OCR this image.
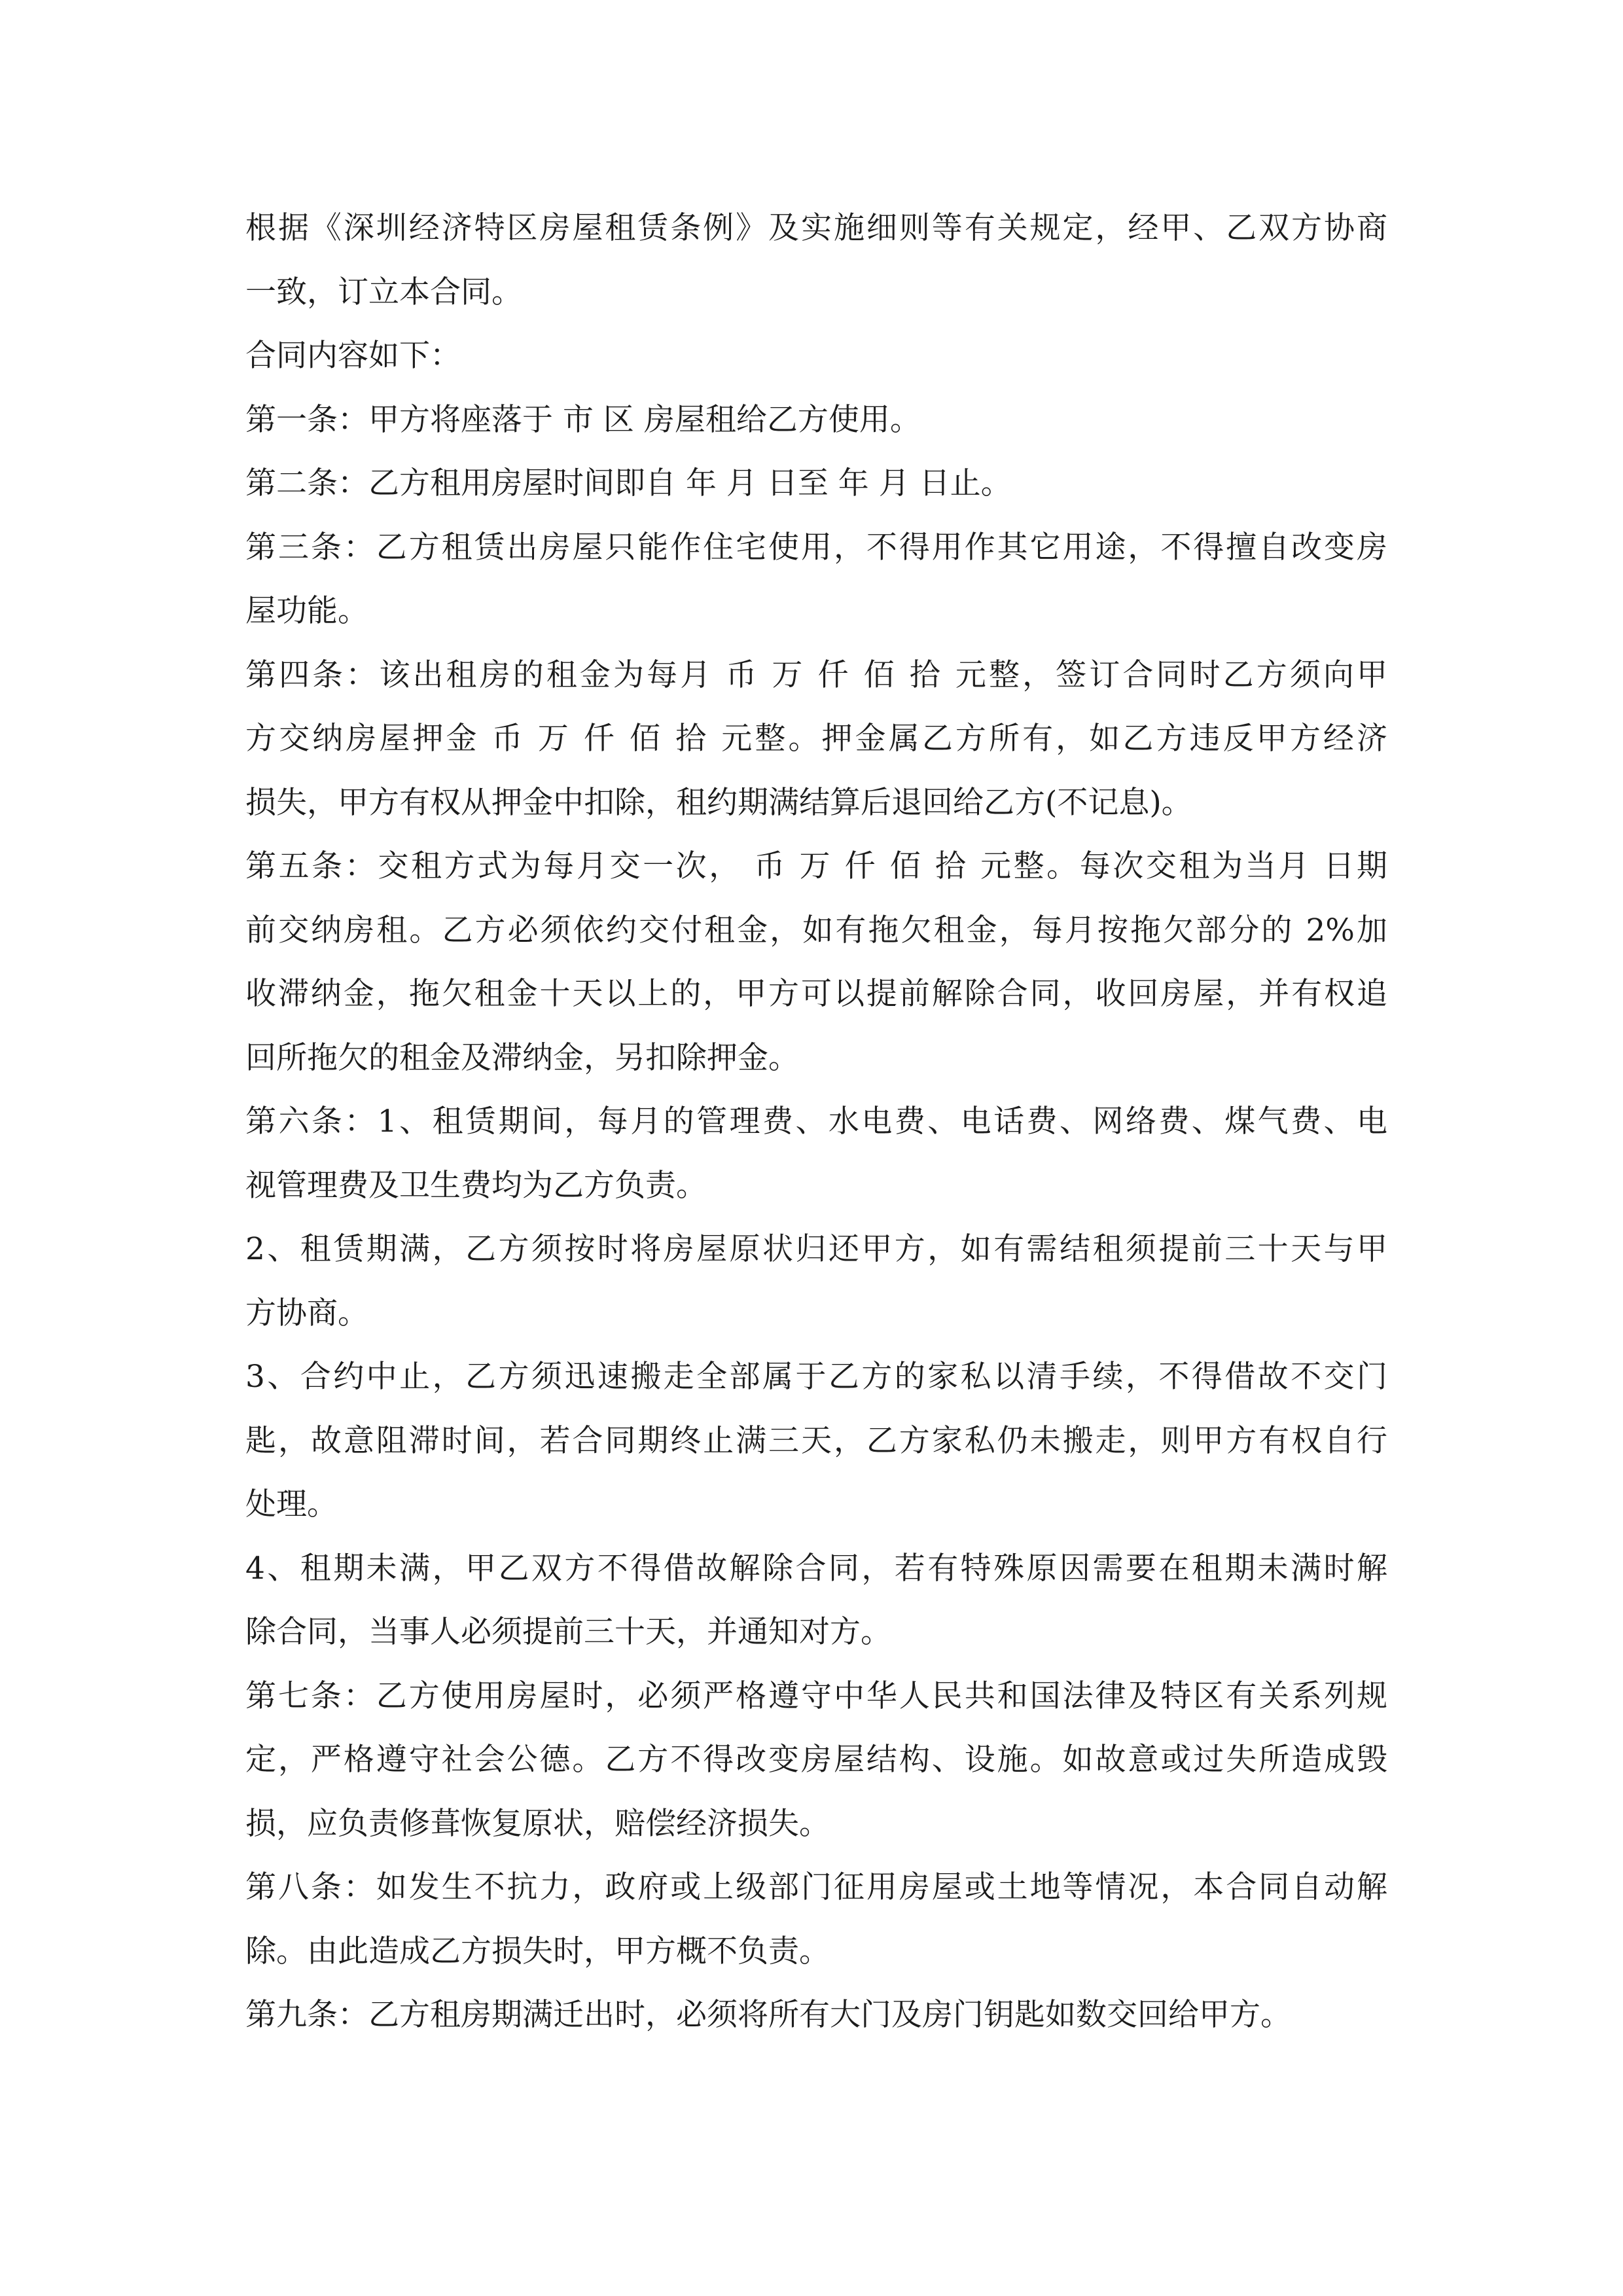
根据《深圳经济特区房屋租赁条例》及实施细则等有关规定，经甲、乙双方协商
一致，订立本合同。
合同内容如下：
第一条：甲方将座落于 市 区 房屋租给乙方使用。
第二条：乙方租用房屋时间即自 年 月 日至 年 月 日止。
第三条：乙方租赁出房屋只能作住宅使用，不得用作其它用途，不得擅自改变房
屋功能。
第四条：该出租房的租金为每月 币 万 仟 佰 拾 元整，签订合同时乙方须向甲
方交纳房屋押金 币 万 仟 佰 拾 元整。押金属乙方所有，如乙方违反甲方经济
损失，甲方有权从押金中扣除，租约期满结算后退回给乙方(不记息)。
第五条：交租方式为每月交一次， 币 万 仟 佰 拾 元整。每次交租为当月 日期
前交纳房租。乙方必须依约交付租金，如有拖欠租金，每月按拖欠部分的 2%加
收滞纳金，拖欠租金十天以上的，甲方可以提前解除合同，收回房屋，并有权追
回所拖欠的租金及滞纳金，另扣除押金。
第六条：1、租赁期间，每月的管理费、水电费、电话费、网络费、煤气费、电
视管理费及卫生费均为乙方负责。
2、租赁期满，乙方须按时将房屋原状归还甲方，如有需结租须提前三十天与甲
方协商。
3、合约中止，乙方须迅速搬走全部属于乙方的家私以清手续，不得借故不交门
匙，故意阻滞时间，若合同期终止满三天，乙方家私仍未搬走，则甲方有权自行
处理。
4、租期未满，甲乙双方不得借故解除合同，若有特殊原因需要在租期未满时解
除合同，当事人必须提前三十天，并通知对方。
第七条：乙方使用房屋时，必须严格遵守中华人民共和国法律及特区有关系列规
定，严格遵守社会公德。乙方不得改变房屋结构、设施。如故意或过失所造成毁
损，应负责修葺恢复原状，赔偿经济损失。
第八条：如发生不抗力，政府或上级部门征用房屋或土地等情况，本合同自动解
除。由此造成乙方损失时，甲方概不负责。
第九条：乙方租房期满迁出时，必须将所有大门及房门钥匙如数交回给甲方。
